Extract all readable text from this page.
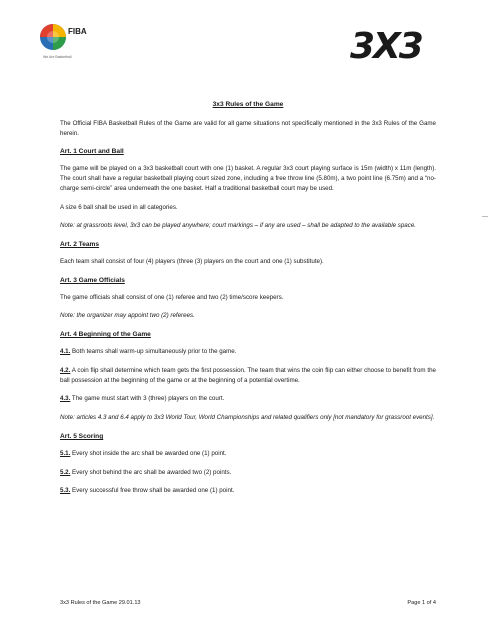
FIBA
We Are Basketball	3X3

3x3 Rules of the Game

The Official FIBA Basketball Rules of the Game are valid for all game situations not specifically mentioned in the 3x3 Rules of the Game herein.

Art. 1 Court and Ball

The game will be played on a 3x3 basketball court with one (1) basket. A regular 3x3 court playing surface is 15m (width) x 11m (length). The court shall have a regular basketball playing court sized zone, including a free throw line (5.80m), a two point line (6.75m) and a “no-charge semi-circle” area underneath the one basket. Half a traditional basketball court may be used.

A size 6 ball shall be used in all categories.

Note: at grassroots level, 3x3 can be played anywhere; court markings – if any are used – shall be adapted to the available space.

Art. 2 Teams

Each team shall consist of four (4) players (three (3) players on the court and one (1) substitute).

Art. 3 Game Officials

The game officials shall consist of one (1) referee and two (2) time/score keepers.

Note: the organizer may appoint two (2) referees.

Art. 4 Beginning of the Game

4.1. Both teams shall warm-up simultaneously prior to the game.

4.2. A coin flip shall determine which team gets the first possession. The team that wins the coin flip can either choose to benefit from the ball possession at the beginning of the game or at the beginning of a potential overtime.

4.3. The game must start with 3 (three) players on the court.

Note: articles 4.3 and 6.4 apply to 3x3 World Tour, World Championships and related qualifiers only [not mandatory for grassroot events].

Art. 5 Scoring

5.1. Every shot inside the arc shall be awarded one (1) point.

5.2. Every shot behind the arc shall be awarded two (2) points.

5.3. Every successful free throw shall be awarded one (1) point.

3x3 Rules of the Game 29.01.13	Page 1 of 4
